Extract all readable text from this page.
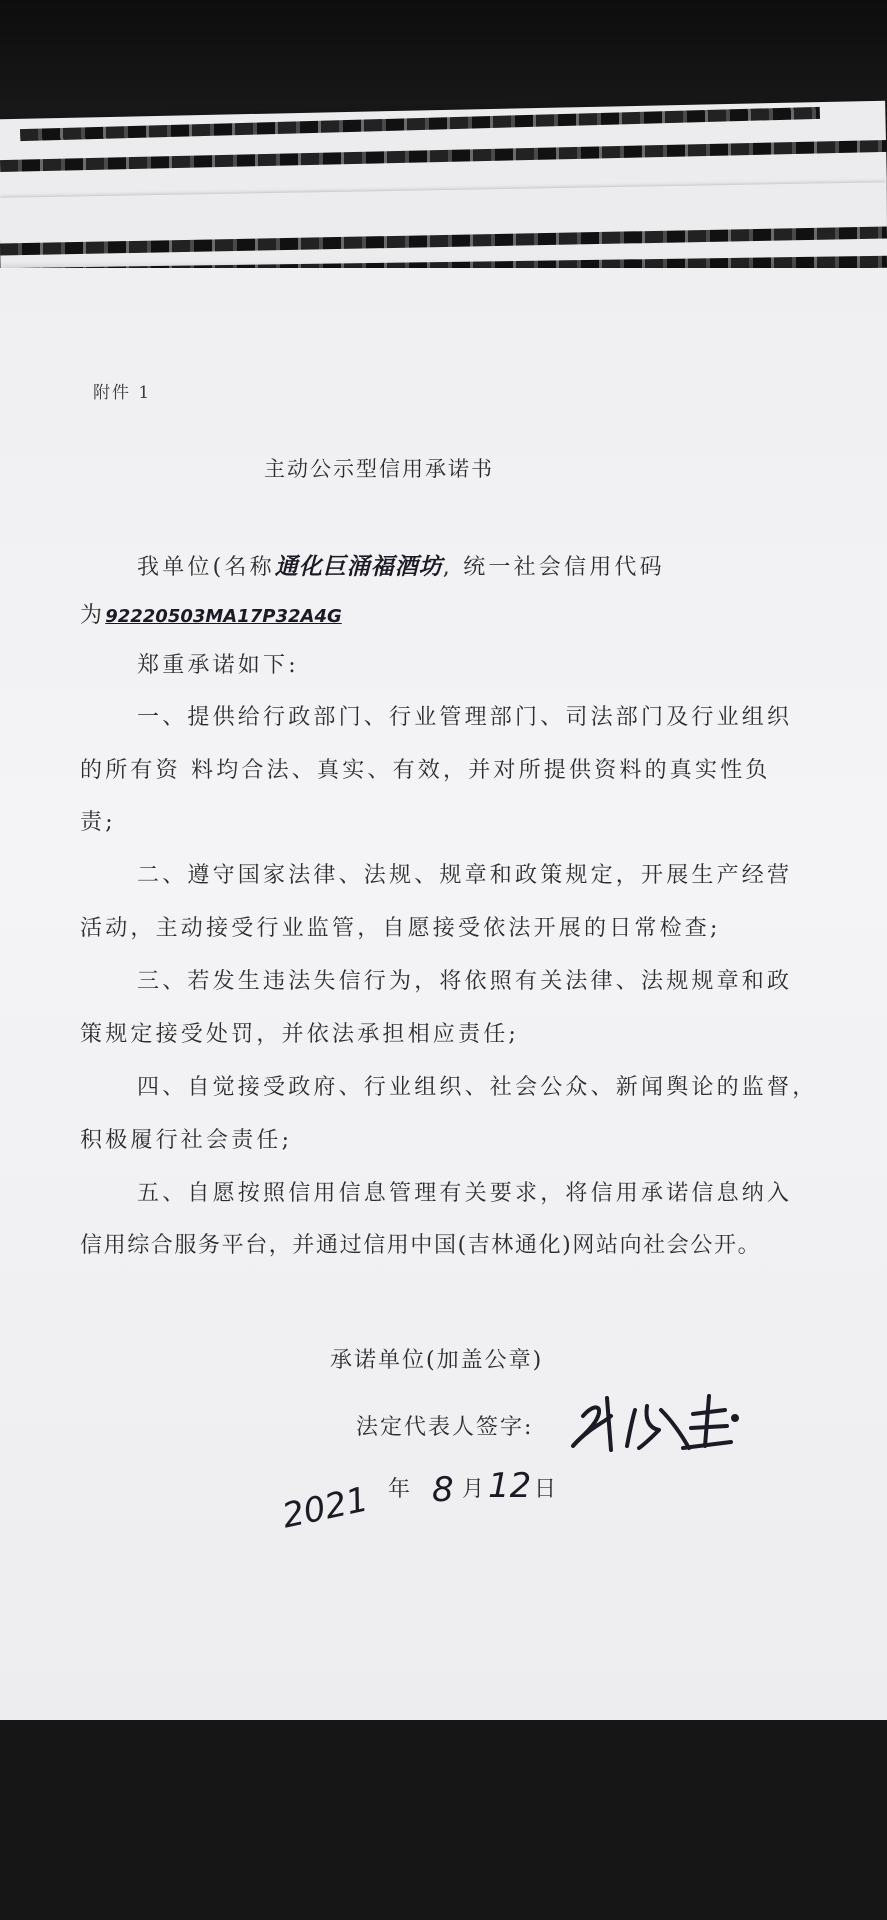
附件 1
主动公示型信用承诺书
我单位(名称通化巨涌福酒坊, 统一社会信用代码
为92220503MA17P32A4G
郑重承诺如下:
一、提供给行政部门、行业管理部门、司法部门及行业组织
的所有资 料均合法、真实、有效，并对所提供资料的真实性负
责;
二、遵守国家法律、法规、规章和政策规定，开展生产经营
活动，主动接受行业监管，自愿接受依法开展的日常检查;
三、若发生违法失信行为，将依照有关法律、法规规章和政
策规定接受处罚，并依法承担相应责任;
四、自觉接受政府、行业组织、社会公众、新闻舆论的监督，
积极履行社会责任;
五、自愿按照信用信息管理有关要求，将信用承诺信息纳入
信用综合服务平台，并通过信用中国(吉林通化)网站向社会公开。
承诺单位(加盖公章)
法定代表人签字:
2021 年 8 月 12 日
